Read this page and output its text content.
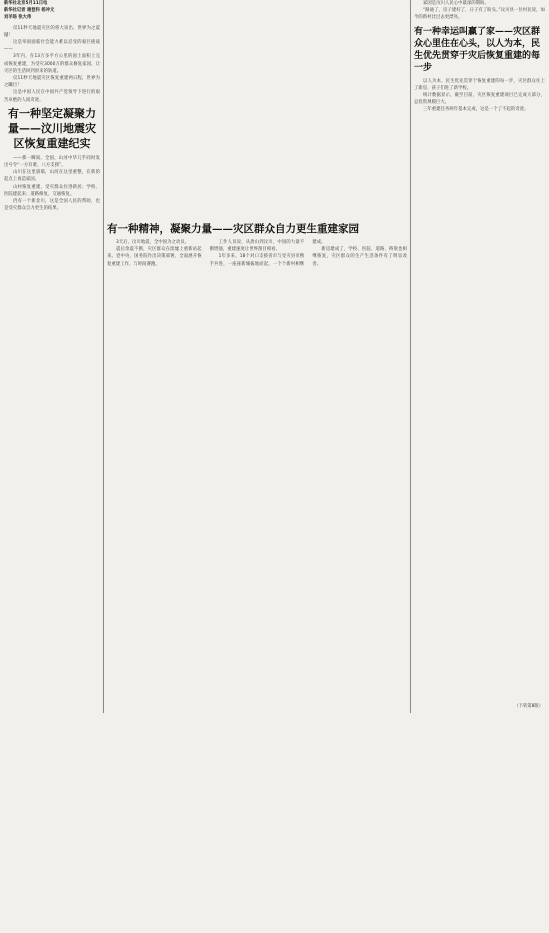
新华社北京5月11日电
新华社记者 谢登科 杨冲文
刘羊旸 张大伟

仅11秒天地震灾区的将大寅出，世界为之震撼！

这是举国面临社会能力难以忍受的艰巨挑战——

3年内，在13万多平方公里的国土面积上完成恢复重建，为受灾3000万的群众修复家园，让灾区的生活回到原来的轨道。

仅11秒天地震灾区恢复重建两日程，世界为之瞩目！

这是中国人民在中国共产党领导下进行的艰苦卓绝的人间奇迹。

有一种坚定凝聚力量——汶川地震灾区恢复重建纪实

——那一瞬间，全国，山河中华几乎同时发出号令“一方有难，八方支援”。

山川在这里崩塌，山河在这里重整，在新的起点上再造家园。

山村恢复重建，受灾群众住进新居；学校、医院建起来；道路修复，交通恢复。

仍有一个新北川，这是全国人民的帮助，也是受灾群众自力更生的结果。

有一种精神，凝聚力量——灾区群众自力更生重建家园

3天后，汶川地震，全中国为之动员。

震后余震不断，灾区群众在废墟上重新站起来。党中央、国务院作出决策部署，全面展开恢复重建工作，与时间赛跑。

工作人员说，从唐山到汶川，中国的力量不断增强，重建速度让世界刮目相看。

1年多来，18个对口支援省市与受灾县市携手共进，一座座新城拔地而起，一个个新村相继建成。

新房建成了，学校、医院、道路、桥梁也相继恢复，灾区群众的生产生活条件有了明显改善。

家园是汶川人民心中最深的期盼。

“路通了，房子建好了，日子有了盼头。”汶川县一位村民说，如今的新村比过去更漂亮。

有一种幸运叫赢了家——灾区群众心里住在心头，以人为本，民生优先贯穿于灾后恢复重建的每一步

以人为本、民生优先贯穿于恢复重建的每一步，灾区群众住上了新房，孩子们进了新学校。

统计数据显示，截至目前，灾区恢复重建项目已完成大部分，总投资规模巨大。

三年重建任务两年基本完成，这是一个了不起的奇迹。

（下转第8版）
